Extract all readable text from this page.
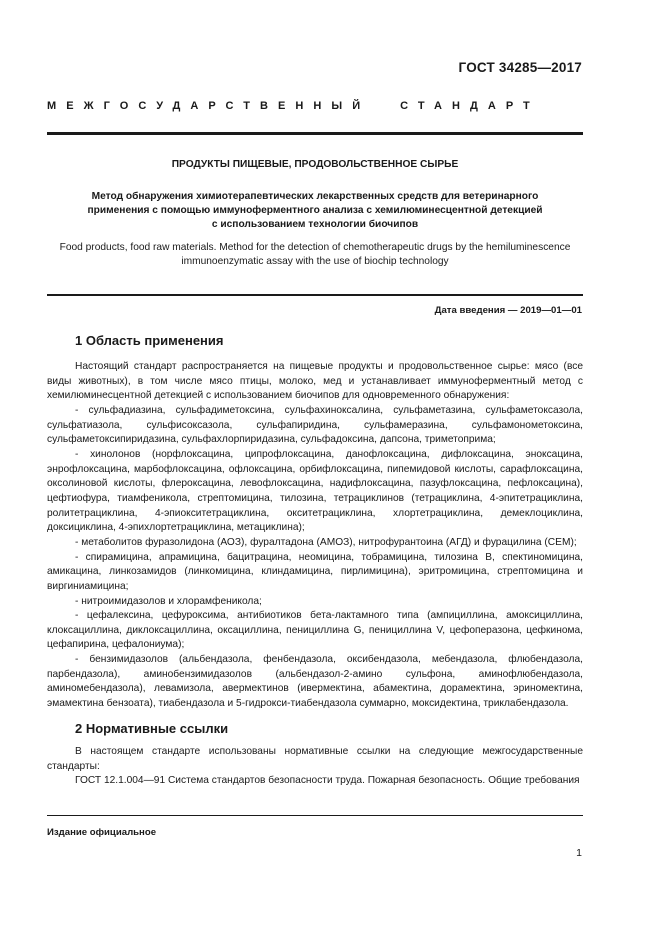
ГОСТ 34285—2017
МЕЖГОСУДАРСТВЕННЫЙ	СТАНДАРТ
ПРОДУКТЫ ПИЩЕВЫЕ, ПРОДОВОЛЬСТВЕННОЕ СЫРЬЕ
Метод обнаружения химиотерапевтических лекарственных средств для ветеринарного
применения с помощью иммуноферментного анализа с хемилюминесцентной детекцией
с использованием технологии биочипов
Food products, food raw materials. Method for the detection of chemotherapeutic drugs by the hemiluminescence
immunoenzymatic assay with the use of biochip technology
Дата введения — 2019—01—01
1 Область применения

Настоящий стандарт распространяется на пищевые продукты и продовольственное сырье: мясо (все виды животных), в том числе мясо птицы, молоко, мед и устанавливает иммуноферментный метод с хемилюминесцентной детекцией с использованием биочипов для одновременного обнаружения:

- сульфадиазина, сульфадиметоксина, сульфахиноксалина, сульфаметазина, сульфаметоксазола, сульфатиазола, сульфисоксазола, сульфапиридина, сульфамеразина, сульфамонометоксина, сульфаметоксипиридазина, сульфахлорпиридазина, сульфадоксина, дапсона, триметоприма;

- хинолонов (норфлоксацина, ципрофлоксацина, данофлоксацина, дифлоксацина, эноксацина, энрофлоксацина, марбофлоксацина, офлоксацина, орбифлоксацина, пипемидовой кислоты, сарафлоксацина, оксолиновой кислоты, флероксацина, левофлоксацина, надифлоксацина, пазуфлоксацина, пефлоксацина), цефтиофура, тиамфеникола, стрептомицина, тилозина, тетрациклинов (тетрациклина, 4-эпитетрациклина, ролитетрациклина, 4-эпиокситетрациклина, окситетрациклина, хлортетрациклина, демеклоциклина, доксициклина, 4-эпихлортетрациклина, метациклина);

- метаболитов фуразолидона (АОЗ), фуралтадона (АМОЗ), нитрофурантоина (АГД) и фурацилина (СЕМ);

- спирамицина, апрамицина, бацитрацина, неомицина, тобрамицина, тилозина B, спектиномицина, амикацина, линкозамидов (линкомицина, клиндамицина, пирлимицина), эритромицина, стрептомицина и виргиниамицина;

- нитроимидазолов и хлорамфеникола;

- цефалексина, цефуроксима, антибиотиков бета-лактамного типа (ампициллина, амоксициллина, клоксациллина, диклоксациллина, оксациллина, пенициллина G, пенициллина V, цефоперазона, цефкинома, цефапирина, цефалониума);

- бензимидазолов (альбендазола, фенбендазола, оксибендазола, мебендазола, флюбендазола, парбендазола), аминобензимидазолов (альбендазол-2-амино сульфона, аминофлюбендазола, аминомебендазола), левамизола, авермектинов (ивермектина, абамектина, дорамектина, эриномектина, эмамектина бензоата), тиабендазола и 5-гидрокси-тиабендазола суммарно, моксидектина, триклабендазола.

2 Нормативные ссылки

В настоящем стандарте использованы нормативные ссылки на следующие межгосударственные стандарты:

ГОСТ 12.1.004—91 Система стандартов безопасности труда. Пожарная безопасность. Общие требования

Издание официальное
1
